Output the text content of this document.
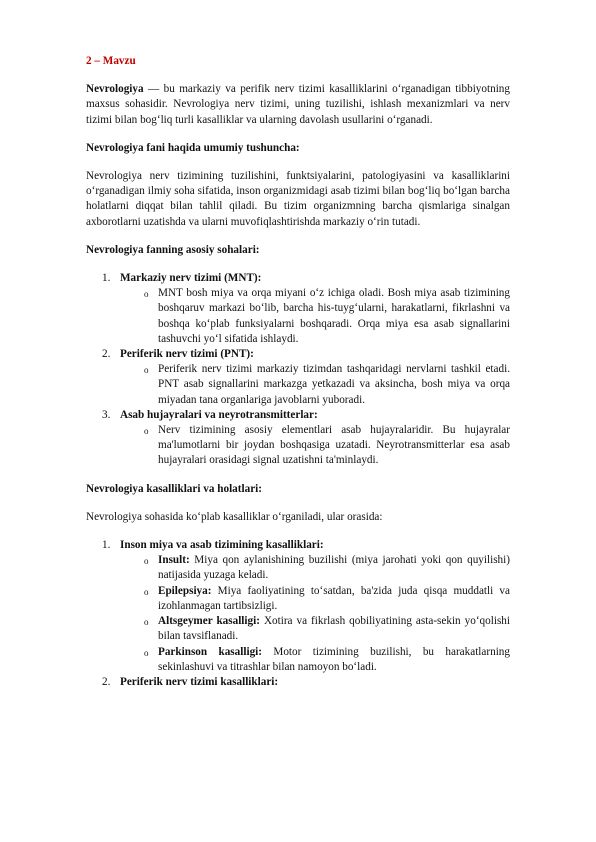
2 – Mavzu

Nevrologiya — bu markaziy va perifik nerv tizimi kasalliklarini o‘rganadigan tibbiyotning maxsus sohasidir. Nevrologiya nerv tizimi, uning tuzilishi, ishlash mexanizmlari va nerv tizimi bilan bog‘liq turli kasalliklar va ularning davolash usullarini o‘rganadi.

Nevrologiya fani haqida umumiy tushuncha:

Nevrologiya nerv tizimining tuzilishini, funktsiyalarini, patologiyasini va kasalliklarini o‘rganadigan ilmiy soha sifatida, inson organizmidagi asab tizimi bilan bog‘liq bo‘lgan barcha holatlarni diqqat bilan tahlil qiladi. Bu tizim organizmning barcha qismlariga sinalgan axborotlarni uzatishda va ularni muvofiqlashtirishda markaziy o‘rin tutadi.

Nevrologiya fanning asosiy sohalari:

1. Markaziy nerv tizimi (MNT):
o MNT bosh miya va orqa miyani o‘z ichiga oladi. Bosh miya asab tizimining boshqaruv markazi bo‘lib, barcha his-tuyg‘ularni, harakatlarni, fikrlashni va boshqa ko‘plab funksiyalarni boshqaradi. Orqa miya esa asab signallarini tashuvchi yo‘l sifatida ishlaydi.
2. Periferik nerv tizimi (PNT):
o Periferik nerv tizimi markaziy tizimdan tashqaridagi nervlarni tashkil etadi. PNT asab signallarini markazga yetkazadi va aksincha, bosh miya va orqa miyadan tana organlariga javoblarni yuboradi.
3. Asab hujayralari va neyrotransmitterlar:
o Nerv tizimining asosiy elementlari asab hujayralaridir. Bu hujayralar ma'lumotlarni bir joydan boshqasiga uzatadi. Neyrotransmitterlar esa asab hujayralari orasidagi signal uzatishni ta'minlaydi.

Nevrologiya kasalliklari va holatlari:

Nevrologiya sohasida ko‘plab kasalliklar o‘rganiladi, ular orasida:

1. Inson miya va asab tizimining kasalliklari:
o Insult: Miya qon aylanishining buzilishi (miya jarohati yoki qon quyilishi) natijasida yuzaga keladi.
o Epilepsiya: Miya faoliyatining to‘satdan, ba'zida juda qisqa muddatli va izohlanmagan tartibsizligi.
o Altsgeymer kasalligi: Xotira va fikrlash qobiliyatining asta-sekin yo‘qolishi bilan tavsiflanadi.
o Parkinson kasalligi: Motor tizimining buzilishi, bu harakatlarning sekinlashuvi va titrashlar bilan namoyon bo‘ladi.
2. Periferik nerv tizimi kasalliklari:
